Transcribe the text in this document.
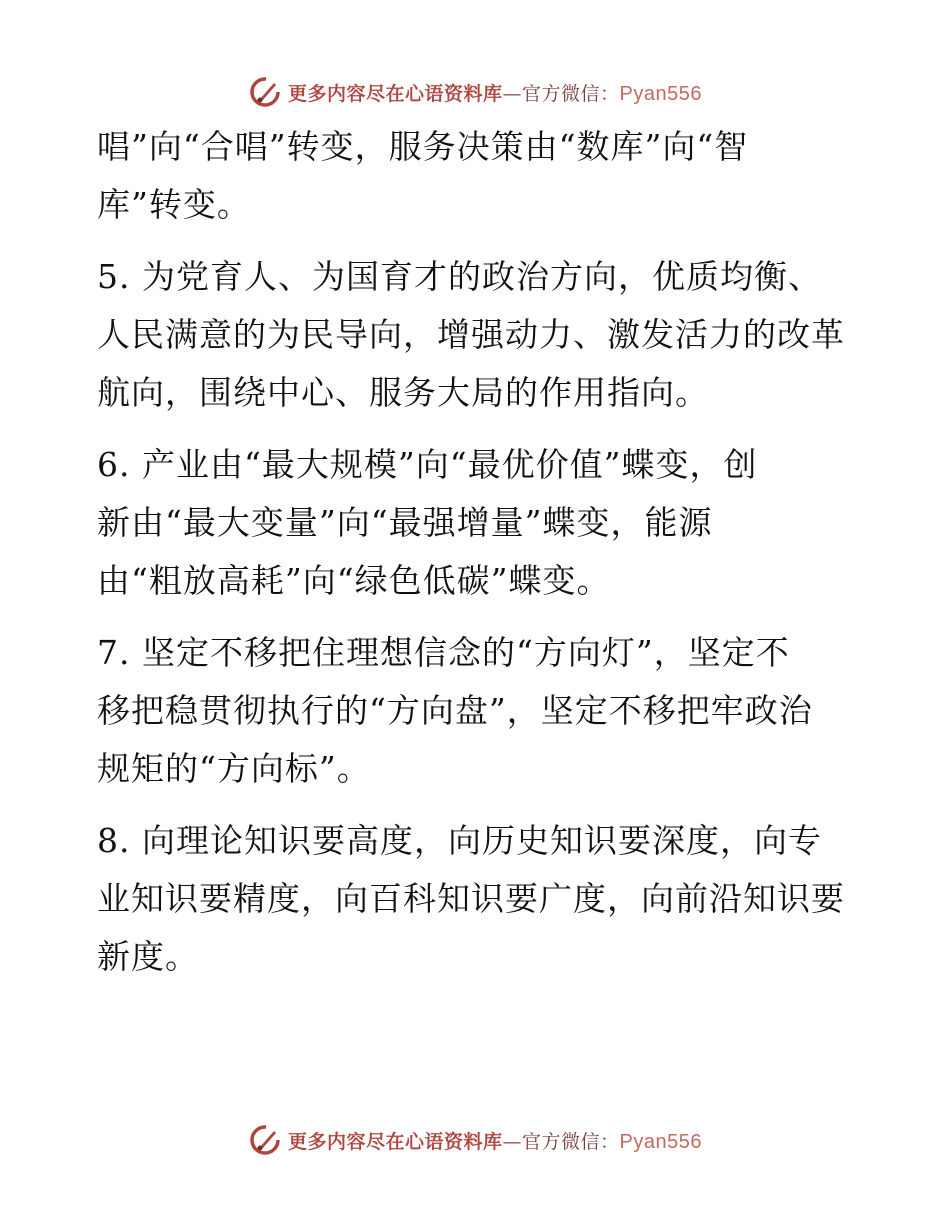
更多内容尽在心语资料库—官方微信：Pyan556

唱”向“合唱”转变，服务决策由“数库”向“智
库”转变。

5. 为党育人、为国育才的政治方向，优质均衡、
人民满意的为民导向，增强动力、激发活力的改革
航向，围绕中心、服务大局的作用指向。

6. 产业由“最大规模”向“最优价值”蝶变，创
新由“最大变量”向“最强增量”蝶变，能源
由“粗放高耗”向“绿色低碳”蝶变。

7. 坚定不移把住理想信念的“方向灯”，坚定不
移把稳贯彻执行的“方向盘”，坚定不移把牢政治
规矩的“方向标”。

8. 向理论知识要高度，向历史知识要深度，向专
业知识要精度，向百科知识要广度，向前沿知识要
新度。

更多内容尽在心语资料库—官方微信：Pyan556
